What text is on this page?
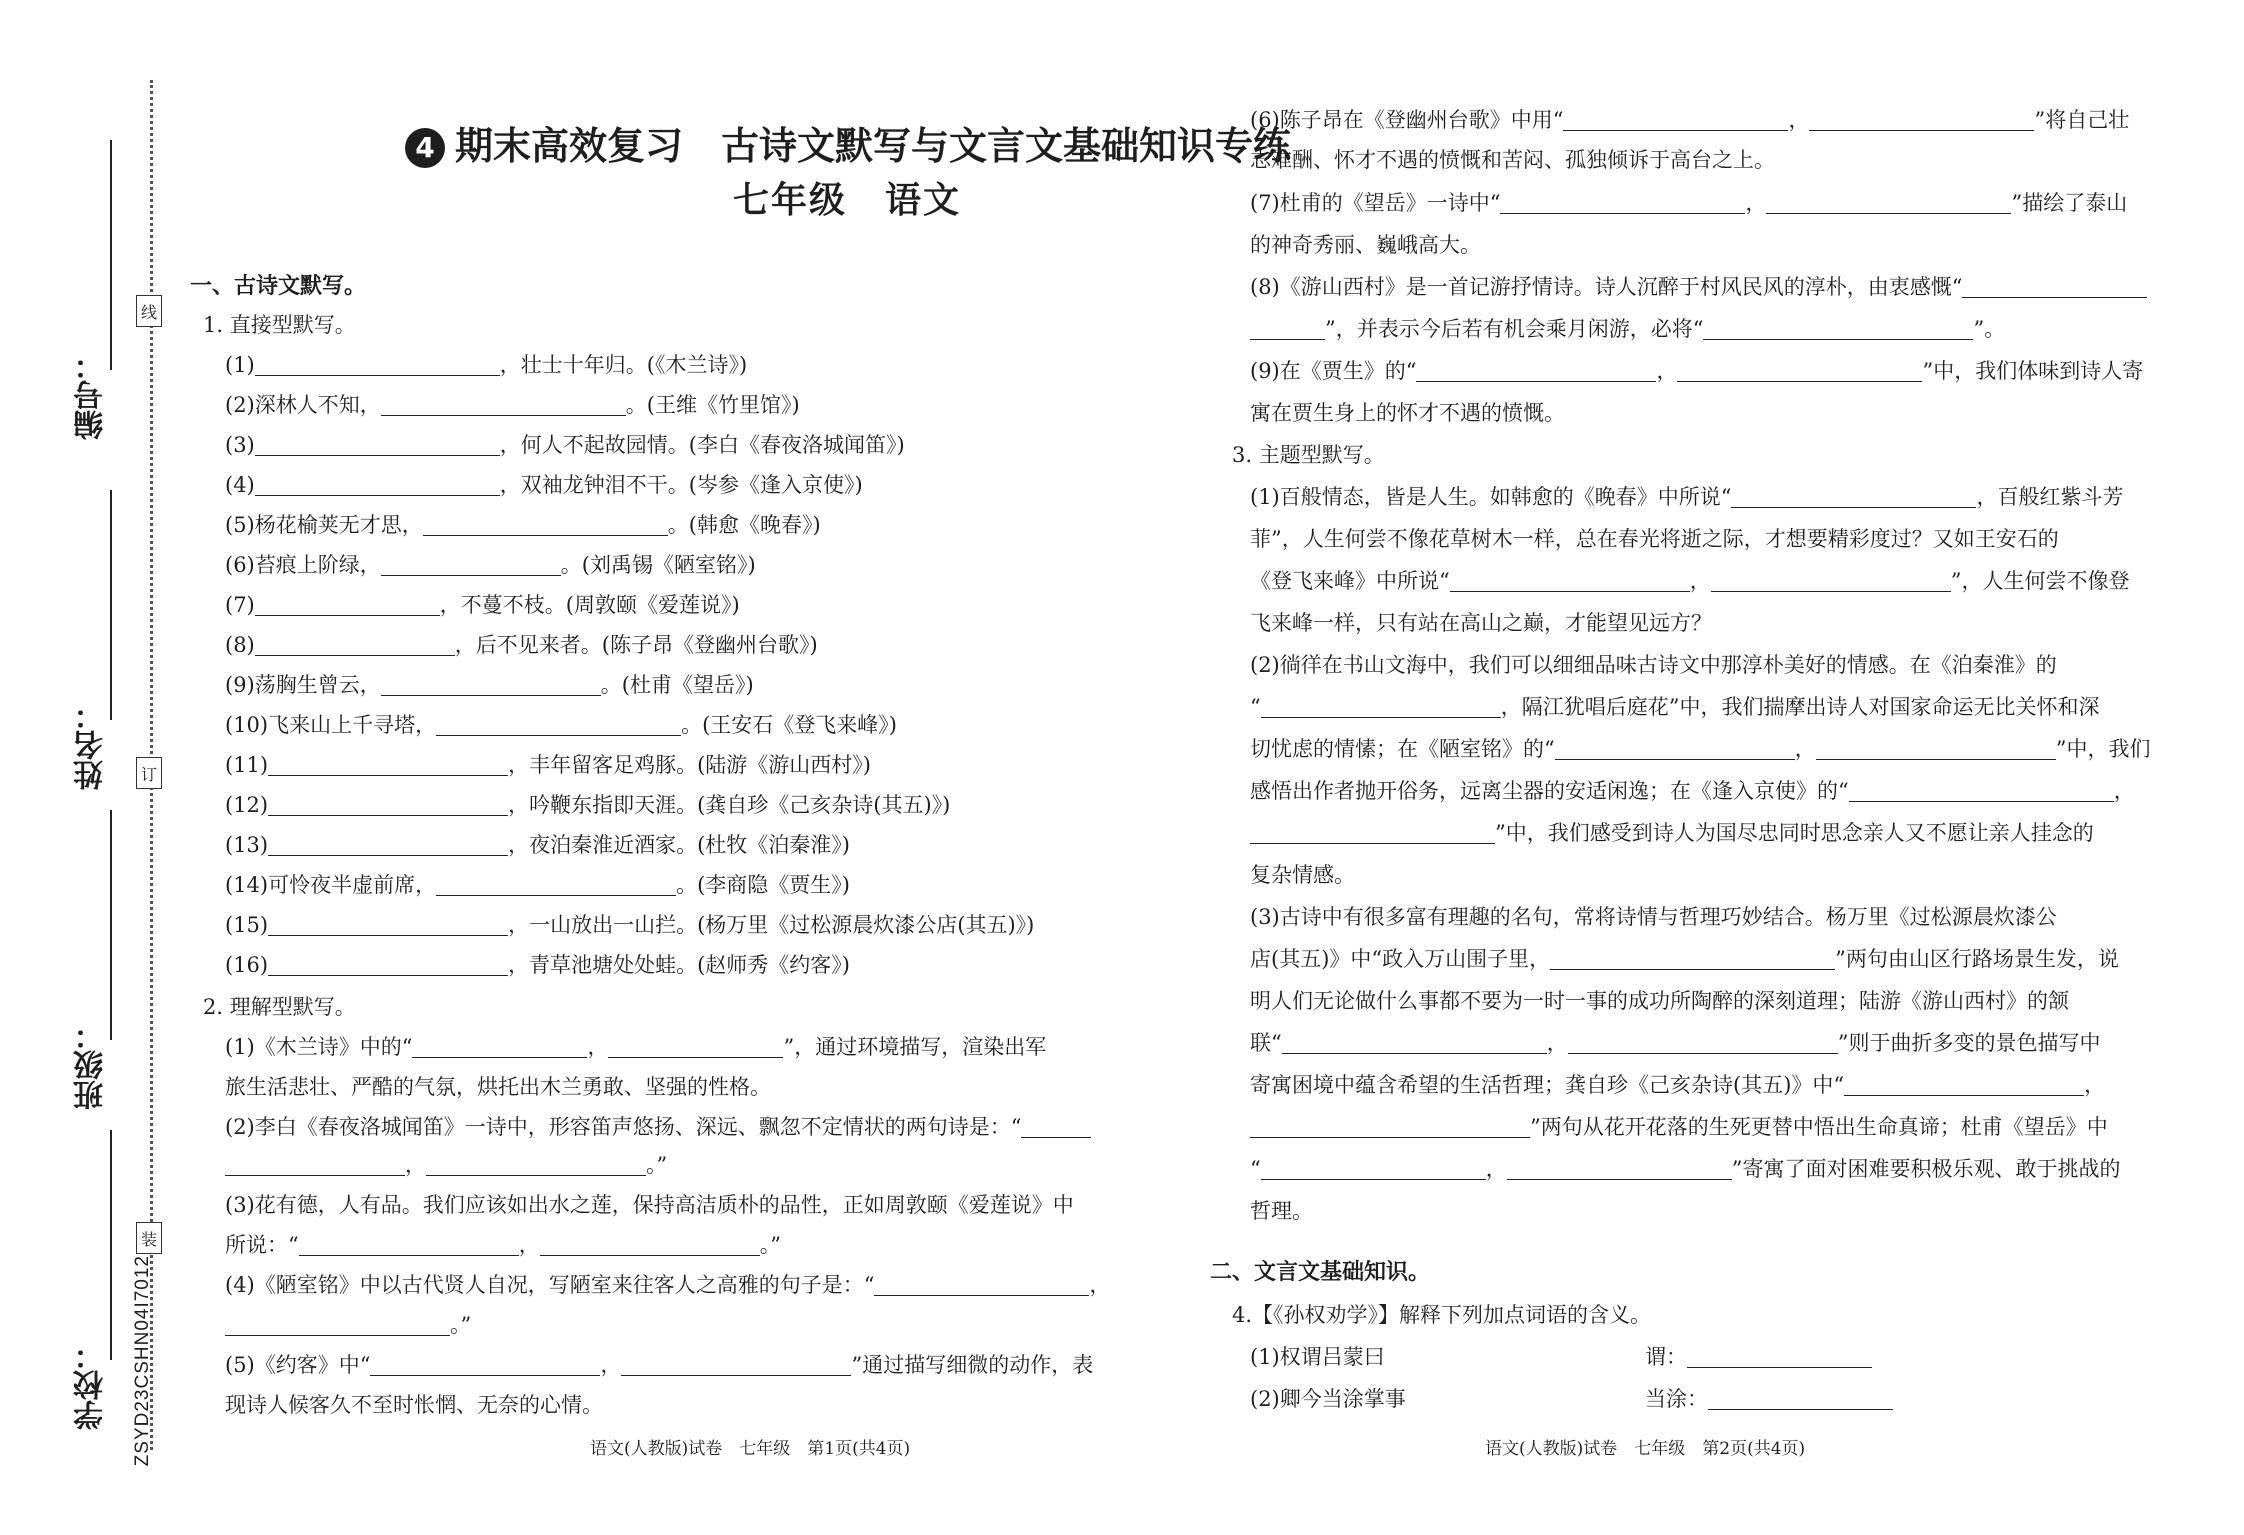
线
订
装
编号：
姓名：
班级：
学校：	ZSYD23CSHN04I7012
4 期末高效复习　古诗文默写与文言文基础知识专练
七年级　语文
一、古诗文默写。
1. 直接型默写。
(1)	，壮士十年归。(《木兰诗》)
(2)深林人不知，	。(王维《竹里馆》)
(3)	，何人不起故园情。(李白《春夜洛城闻笛》)
(4)	，双袖龙钟泪不干。(岑参《逢入京使》)
(5)杨花榆荚无才思，	。(韩愈《晚春》)
(6)苔痕上阶绿，	。(刘禹锡《陋室铭》)
(7)	，不蔓不枝。(周敦颐《爱莲说》)
(8)	，后不见来者。(陈子昂《登幽州台歌》)
(9)荡胸生曾云，	。(杜甫《望岳》)
(10)飞来山上千寻塔，	。(王安石《登飞来峰》)
(11)	，丰年留客足鸡豚。(陆游《游山西村》)
(12)	，吟鞭东指即天涯。(龚自珍《己亥杂诗(其五)》)
(13)	，夜泊秦淮近酒家。(杜牧《泊秦淮》)
(14)可怜夜半虚前席，	。(李商隐《贾生》)
(15)	，一山放出一山拦。(杨万里《过松源晨炊漆公店(其五)》)
(16)	，青草池塘处处蛙。(赵师秀《约客》)
2. 理解型默写。
(1)《木兰诗》中的“	，	”，通过环境描写，渲染出军
旅生活悲壮、严酷的气氛，烘托出木兰勇敢、坚强的性格。
(2)李白《春夜洛城闻笛》一诗中，形容笛声悠扬、深远、飘忽不定情状的两句诗是：“
，	。”
(3)花有德，人有品。我们应该如出水之莲，保持高洁质朴的品性，正如周敦颐《爱莲说》中
所说：“	，	。”
(4)《陋室铭》中以古代贤人自况，写陋室来往客人之高雅的句子是：“	，
。”
(5)《约客》中“	，	”通过描写细微的动作，表
现诗人候客久不至时怅惘、无奈的心情。
语文(人教版)试卷　七年级　第1页(共4页)
(6)陈子昂在《登幽州台歌》中用“	，	”将自己壮
志难酬、怀才不遇的愤慨和苦闷、孤独倾诉于高台之上。
(7)杜甫的《望岳》一诗中“	，	”描绘了泰山
的神奇秀丽、巍峨高大。
(8)《游山西村》是一首记游抒情诗。诗人沉醉于村风民风的淳朴，由衷感慨“
”，并表示今后若有机会乘月闲游，必将“	”。
(9)在《贾生》的“	，	”中，我们体味到诗人寄
寓在贾生身上的怀才不遇的愤慨。
3. 主题型默写。
(1)百般情态，皆是人生。如韩愈的《晚春》中所说“	，百般红紫斗芳
菲”，人生何尝不像花草树木一样，总在春光将逝之际，才想要精彩度过？又如王安石的
《登飞来峰》中所说“	，	”，人生何尝不像登
飞来峰一样，只有站在高山之巅，才能望见远方？
(2)徜徉在书山文海中，我们可以细细品味古诗文中那淳朴美好的情感。在《泊秦淮》的
“	，隔江犹唱后庭花”中，我们揣摩出诗人对国家命运无比关怀和深
切忧虑的情愫；在《陋室铭》的“	，	”中，我们
感悟出作者抛开俗务，远离尘器的安适闲逸；在《逢入京使》的“	，
”中，我们感受到诗人为国尽忠同时思念亲人又不愿让亲人挂念的
复杂情感。
(3)古诗中有很多富有理趣的名句，常将诗情与哲理巧妙结合。杨万里《过松源晨炊漆公
店(其五)》中“政入万山围子里，	”两句由山区行路场景生发，说
明人们无论做什么事都不要为一时一事的成功所陶醉的深刻道理；陆游《游山西村》的颔
联“	，	”则于曲折多变的景色描写中
寄寓困境中蕴含希望的生活哲理；龚自珍《己亥杂诗(其五)》中“	，
”两句从花开花落的生死更替中悟出生命真谛；杜甫《望岳》中
“	，	”寄寓了面对困难要积极乐观、敢于挑战的
哲理。
二、文言文基础知识。
4.【《孙权劝学》】解释下列加点词语的含义。
(1)权谓吕蒙曰	谓：
(2)卿今当涂掌事	当涂：
语文(人教版)试卷　七年级　第2页(共4页)
